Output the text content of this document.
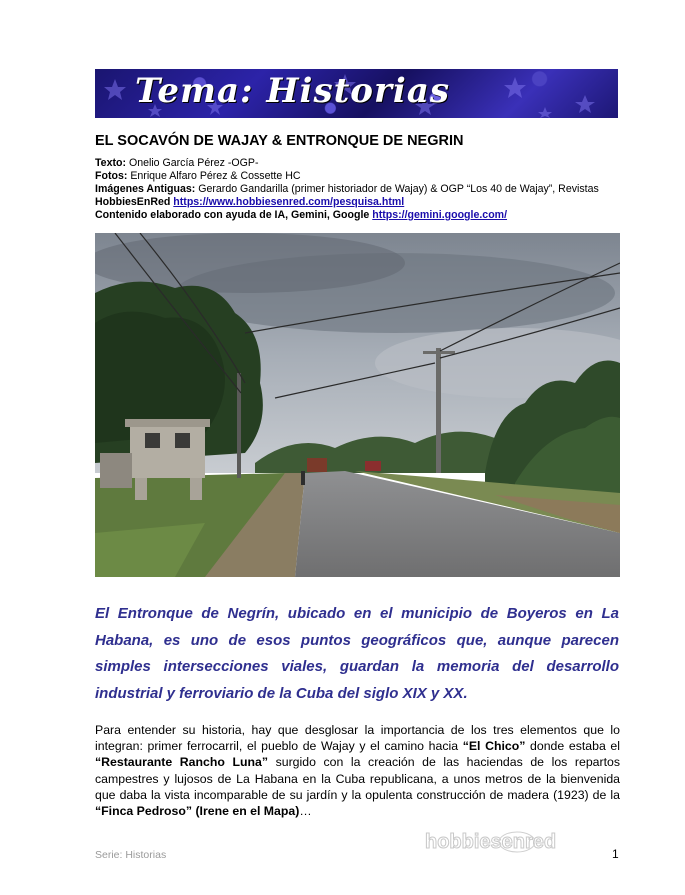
Tema: Historias
EL SOCAVÓN DE WAJAY & ENTRONQUE DE NEGRIN
Texto: Onelio García Pérez -OGP-
Fotos: Enrique Alfaro Pérez & Cossette HC
Imágenes Antiguas: Gerardo Gandarilla (primer historiador de Wajay) & OGP “Los 40 de Wajay”, Revistas
HobbiesEnRed https://www.hobbiesenred.com/pesquisa.html
Contenido elaborado con ayuda de IA, Gemini, Google https://gemini.google.com/
El Entronque de Negrín, ubicado en el municipio de Boyeros en La Habana, es uno de esos puntos geográficos que, aunque parecen simples intersecciones viales, guardan la memoria del desarrollo industrial y ferroviario de la Cuba del siglo XIX y XX.
Para entender su historia, hay que desglosar la importancia de los tres elementos que lo integran: primer ferrocarril, el pueblo de Wajay y el camino hacia “El Chico” donde estaba el “Restaurante Rancho Luna” surgido con la creación de las haciendas de los repartos campestres y lujosos de La Habana en la Cuba republicana, a unos metros de la bienvenida que daba la vista incomparable de su jardín y la opulenta construcción de madera (1923) de la “Finca Pedroso” (Irene en el Mapa)…
hobbiesenred
Serie: Historias	1
